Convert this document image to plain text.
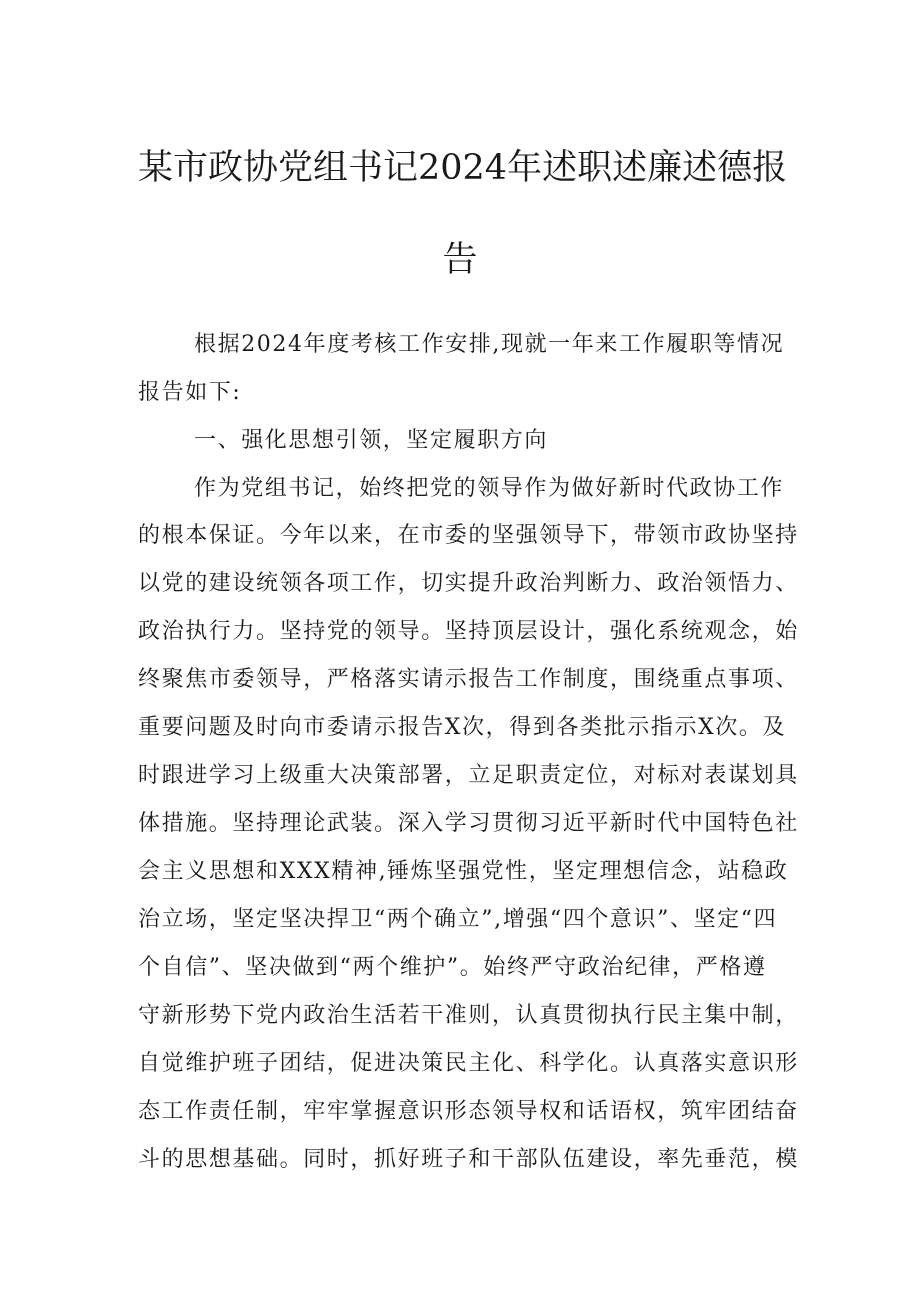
某市政协党组书记2024年述职述廉述德报
告
根据2024年度考核工作安排,现就一年来工作履职等情况
报告如下:
一、强化思想引领，坚定履职方向
作为党组书记，始终把党的领导作为做好新时代政协工作
的根本保证。今年以来，在市委的坚强领导下，带领市政协坚持
以党的建设统领各项工作，切实提升政治判断力、政治领悟力、
政治执行力。坚持党的领导。坚持顶层设计，强化系统观念，始
终聚焦市委领导，严格落实请示报告工作制度，围绕重点事项、
重要问题及时向市委请示报告X次，得到各类批示指示X次。及
时跟进学习上级重大决策部署，立足职责定位，对标对表谋划具
体措施。坚持理论武装。深入学习贯彻习近平新时代中国特色社
会主义思想和XXX精神,锤炼坚强党性，坚定理想信念，站稳政
治立场，坚定坚决捍卫“两个确立”,增强“四个意识”、坚定“四
个自信”、坚决做到“两个维护”。始终严守政治纪律，严格遵
守新形势下党内政治生活若干准则，认真贯彻执行民主集中制，
自觉维护班子团结，促进决策民主化、科学化。认真落实意识形
态工作责任制，牢牢掌握意识形态领导权和话语权，筑牢团结奋
斗的思想基础。同时，抓好班子和干部队伍建设，率先垂范，模
